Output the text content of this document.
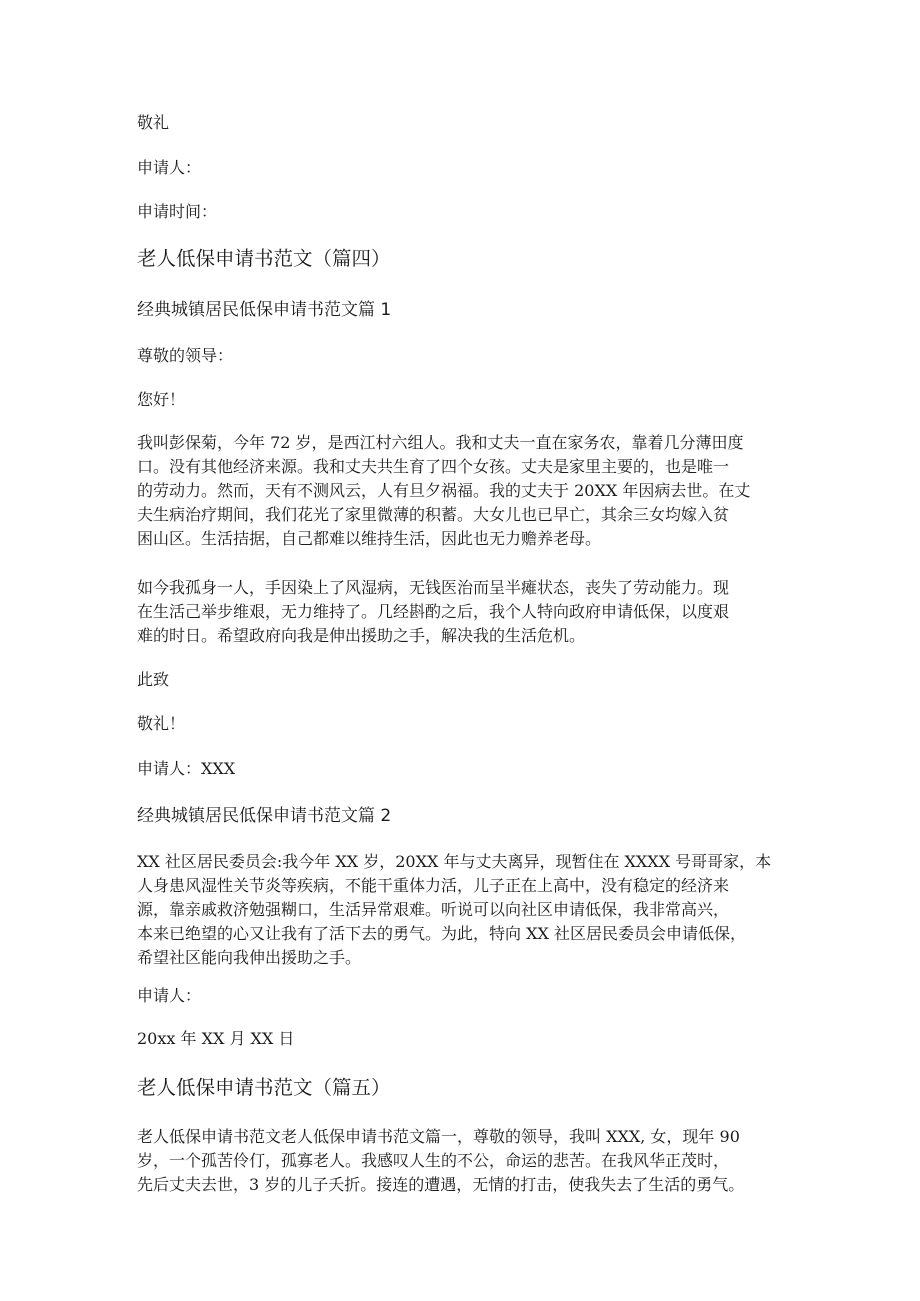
敬礼
申请人：
申请时间：
老人低保申请书范文（篇四）
经典城镇居民低保申请书范文篇 1
尊敬的领导：
您好！
我叫彭保菊，今年 72 岁，是西江村六组人。我和丈夫一直在家务农，靠着几分薄田度
口。没有其他经济来源。我和丈夫共生育了四个女孩。丈夫是家里主要的，也是唯一
的劳动力。然而，天有不测风云，人有旦夕祸福。我的丈夫于 20XX 年因病去世。在丈
夫生病治疗期间，我们花光了家里微薄的积蓄。大女儿也已早亡，其余三女均嫁入贫
困山区。生活拮据，自己都难以维持生活，因此也无力赡养老母。
如今我孤身一人，手因染上了风湿病，无钱医治而呈半瘫状态，丧失了劳动能力。现
在生活己举步维艰，无力维持了。几经斟酌之后，我个人特向政府申请低保，以度艰
难的时日。希望政府向我是伸出援助之手，解决我的生活危机。
此致
敬礼！
申请人：XXX
经典城镇居民低保申请书范文篇 2
XX 社区居民委员会:我今年 XX 岁，20XX 年与丈夫离异，现暂住在 XXXX 号哥哥家，本
人身患风湿性关节炎等疾病，不能干重体力活，儿子正在上高中，没有稳定的经济来
源，靠亲戚救济勉强糊口，生活异常艰难。听说可以向社区申请低保，我非常高兴，
本来已绝望的心又让我有了活下去的勇气。为此，特向 XX 社区居民委员会申请低保，
希望社区能向我伸出援助之手。
申请人：
20xx 年 XX 月 XX 日
老人低保申请书范文（篇五）
老人低保申请书范文老人低保申请书范文篇一，尊敬的领导，我叫 XXX, 女，现年 90
岁，一个孤苦伶仃，孤寡老人。我感叹人生的不公，命运的悲苦。在我风华正茂时，
先后丈夫去世，3 岁的儿子夭折。接连的遭遇，无情的打击，使我失去了生活的勇气。
